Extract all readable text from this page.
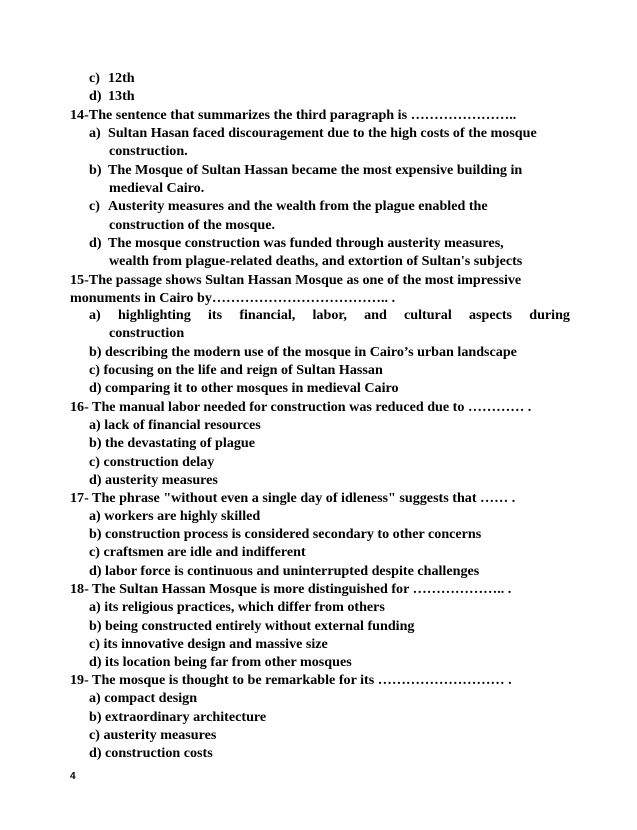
c) 12th
d) 13th
14-The sentence that summarizes the third paragraph is …………………..
a) Sultan Hasan faced discouragement due to the high costs of the mosque
construction.
b) The Mosque of Sultan Hassan became the most expensive building in
medieval Cairo.
c) Austerity measures and the wealth from the plague enabled the
construction of the mosque.
d) The mosque construction was funded through austerity measures,
wealth from plague-related deaths, and extortion of Sultan's subjects
15-The passage shows Sultan Hassan Mosque as one of the most impressive
monuments in Cairo by……………………………….. .
a) highlighting its financial, labor, and cultural aspects during
construction
b) describing the modern use of the mosque in Cairo’s urban landscape
c) focusing on the life and reign of Sultan Hassan
d) comparing it to other mosques in medieval Cairo
16- The manual labor needed for construction was reduced due to ………… .
a) lack of financial resources
b) the devastating of plague
c) construction delay
d) austerity measures
17- The phrase "without even a single day of idleness" suggests that …… .
a) workers are highly skilled
b) construction process is considered secondary to other concerns
c) craftsmen are idle and indifferent
d) labor force is continuous and uninterrupted despite challenges
18- The Sultan Hassan Mosque is more distinguished for ……………….. .
a) its religious practices, which differ from others
b) being constructed entirely without external funding
c) its innovative design and massive size
d) its location being far from other mosques
19- The mosque is thought to be remarkable for its ……………………… .
a) compact design
b) extraordinary architecture
c) austerity measures
d) construction costs
4
